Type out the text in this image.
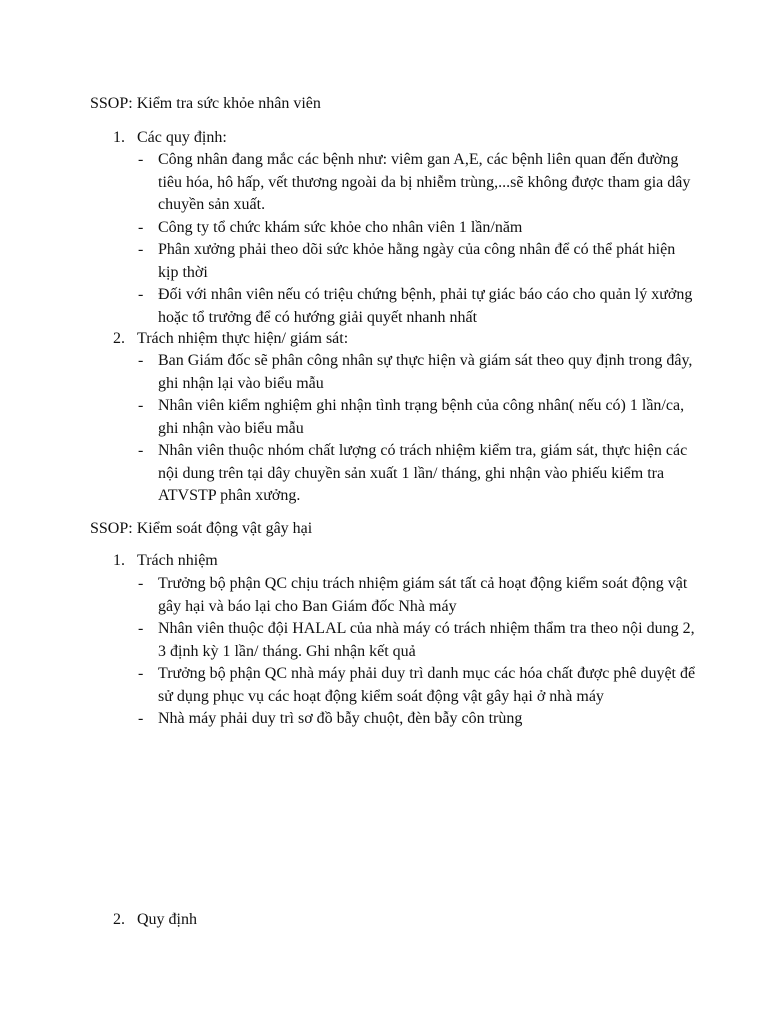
SSOP: Kiểm tra sức khỏe nhân viên
1. Các quy định:
- Công nhân đang mắc các bệnh như: viêm gan A,E, các bệnh liên quan đến đường tiêu hóa, hô hấp, vết thương ngoài da bị nhiễm trùng,...sẽ không được tham gia dây chuyền sản xuất.
- Công ty tổ chức khám sức khỏe cho nhân viên 1 lần/năm
- Phân xưởng phải theo dõi sức khỏe hằng ngày của công nhân để có thể phát hiện kịp thời
- Đối với nhân viên nếu có triệu chứng bệnh, phải tự giác báo cáo cho quản lý xưởng hoặc tổ trưởng để có hướng giải quyết nhanh nhất
2. Trách nhiệm thực hiện/ giám sát:
- Ban Giám đốc sẽ phân công nhân sự thực hiện và giám sát theo quy định trong đây, ghi nhận lại vào biểu mẫu
- Nhân viên kiểm nghiệm ghi nhận tình trạng bệnh của công nhân( nếu có) 1 lần/ca, ghi nhận vào biểu mẫu
- Nhân viên thuộc nhóm chất lượng có trách nhiệm kiểm tra, giám sát, thực hiện các nội dung trên tại dây chuyền sản xuất 1 lần/ tháng, ghi nhận vào phiếu kiểm tra ATVSTP phân xưởng.
SSOP: Kiểm soát động vật gây hại
1. Trách nhiệm
- Trưởng bộ phận QC chịu trách nhiệm giám sát tất cả hoạt động kiểm soát động vật gây hại và báo lại cho Ban Giám đốc Nhà máy
- Nhân viên thuộc đội HALAL của nhà máy có trách nhiệm thẩm tra theo nội dung 2, 3 định kỳ 1 lần/ tháng. Ghi nhận kết quả
- Trưởng bộ phận QC nhà máy phải duy trì danh mục các hóa chất được phê duyệt để sử dụng phục vụ các hoạt động kiểm soát động vật gây hại ở nhà máy
- Nhà máy phải duy trì sơ đồ bẫy chuột, đèn bẫy côn trùng
2. Quy định
